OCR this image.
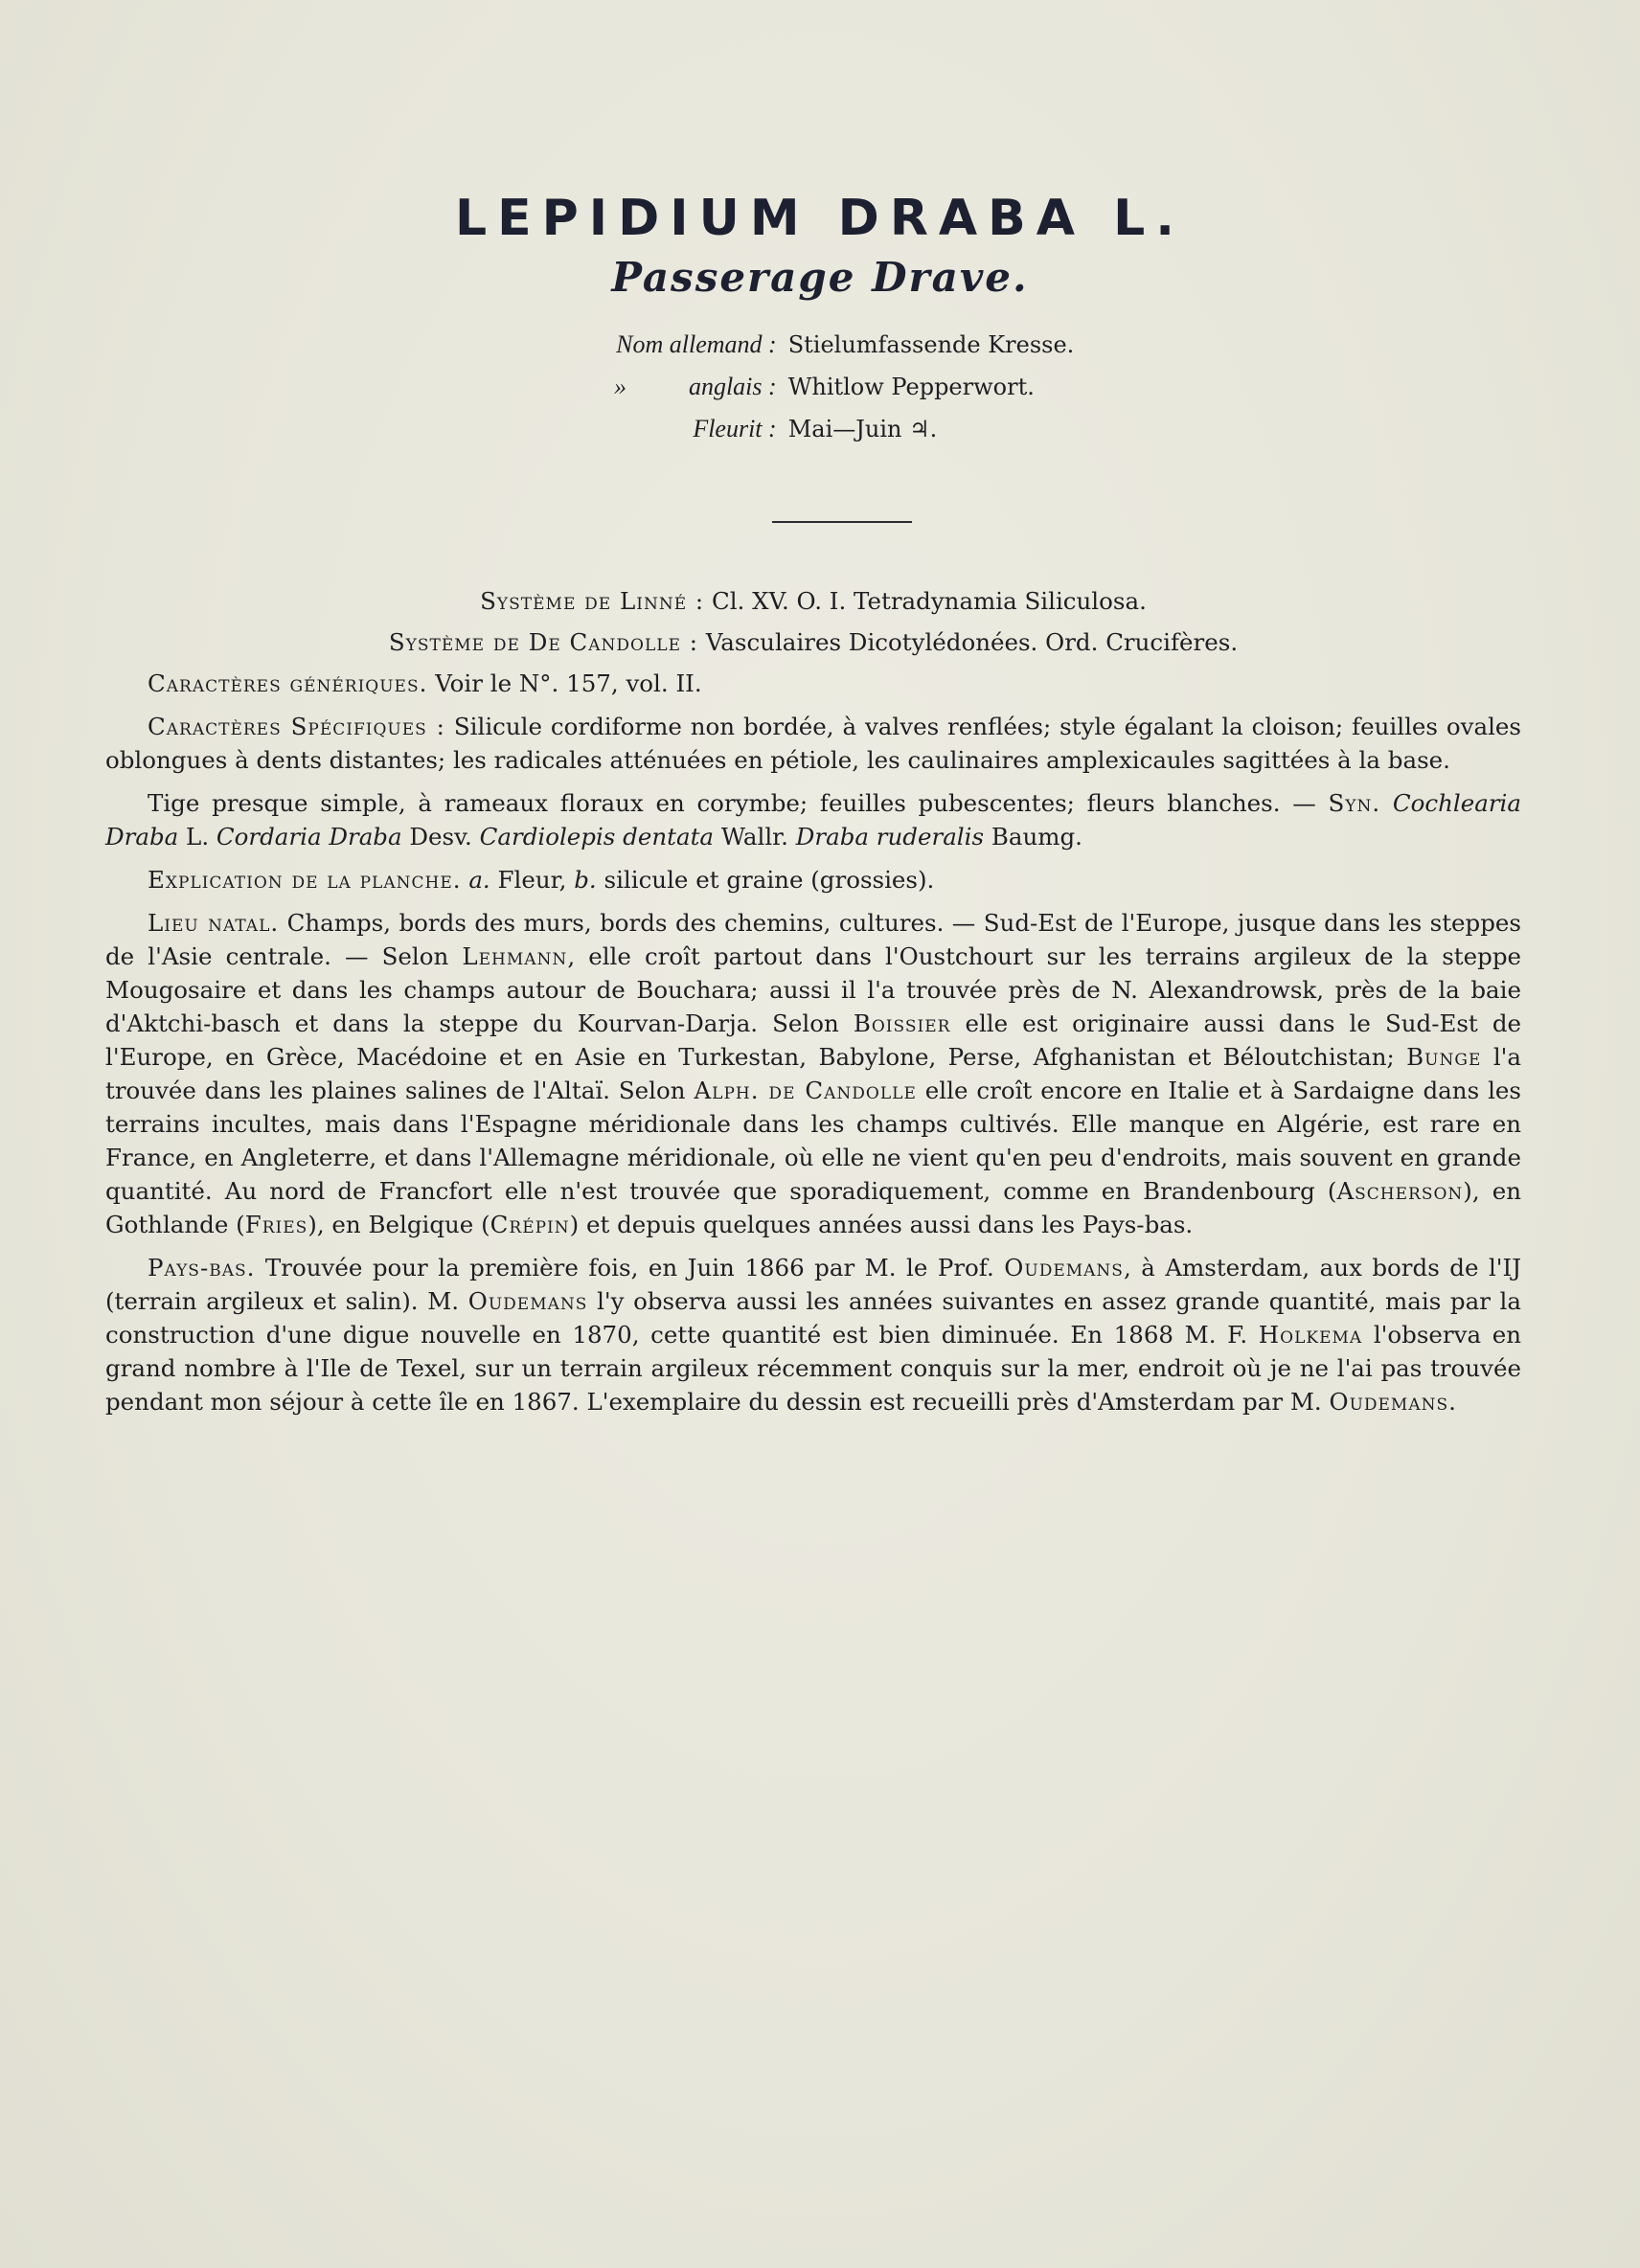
LEPIDIUM DRABA L.
Passerage Drave.
Nom allemand : Stielumfassende Kresse.
»          anglais : Whitlow Pepperwort.
Fleurit : Mai—Juin ♃.

Système de Linné : Cl. XV. O. I. Tetradynamia Siliculosa.

Système de De Candolle : Vasculaires Dicotylédonées. Ord. Crucifères.

Caractères génériques. Voir le N°. 157, vol. II.

Caractères Spécifiques : Silicule cordiforme non bordée, à valves renflées; style égalant la cloison; feuilles ovales oblongues à dents distantes; les radicales atténuées en pétiole, les caulinaires amplexicaules sagittées à la base.

Tige presque simple, à rameaux floraux en corymbe; feuilles pubescentes; fleurs blanches. — Syn. Cochlearia Draba L. Cordaria Draba Desv. Cardiolepis dentata Wallr. Draba ruderalis Baumg.

Explication de la planche. a. Fleur, b. silicule et graine (grossies).

Lieu natal. Champs, bords des murs, bords des chemins, cultures. — Sud-Est de l'Europe, jusque dans les steppes de l'Asie centrale. — Selon Lehmann, elle croît partout dans l'Oustchourt sur les terrains argileux de la steppe Mougosaire et dans les champs autour de Bouchara; aussi il l'a trouvée près de N. Alexandrowsk, près de la baie d'Aktchi-basch et dans la steppe du Kourvan-Darja. Selon Boissier elle est originaire aussi dans le Sud-Est de l'Europe, en Grèce, Macédoine et en Asie en Turkestan, Babylone, Perse, Afghanistan et Béloutchistan; Bunge l'a trouvée dans les plaines salines de l'Altaï. Selon Alph. de Candolle elle croît encore en Italie et à Sardaigne dans les terrains incultes, mais dans l'Espagne méridionale dans les champs cultivés. Elle manque en Algérie, est rare en France, en Angleterre, et dans l'Allemagne méridionale, où elle ne vient qu'en peu d'endroits, mais souvent en grande quantité. Au nord de Francfort elle n'est trouvée que sporadiquement, comme en Brandenbourg (Ascherson), en Gothlande (Fries), en Belgique (Crépin) et depuis quelques années aussi dans les Pays-bas.

Pays-bas. Trouvée pour la première fois, en Juin 1866 par M. le Prof. Oudemans, à Amsterdam, aux bords de l'IJ (terrain argileux et salin). M. Oudemans l'y observa aussi les années suivantes en assez grande quantité, mais par la construction d'une digue nouvelle en 1870, cette quantité est bien diminuée. En 1868 M. F. Holkema l'observa en grand nombre à l'Ile de Texel, sur un terrain argileux récemment conquis sur la mer, endroit où je ne l'ai pas trouvée pendant mon séjour à cette île en 1867. L'exemplaire du dessin est recueilli près d'Amsterdam par M. Oudemans.
